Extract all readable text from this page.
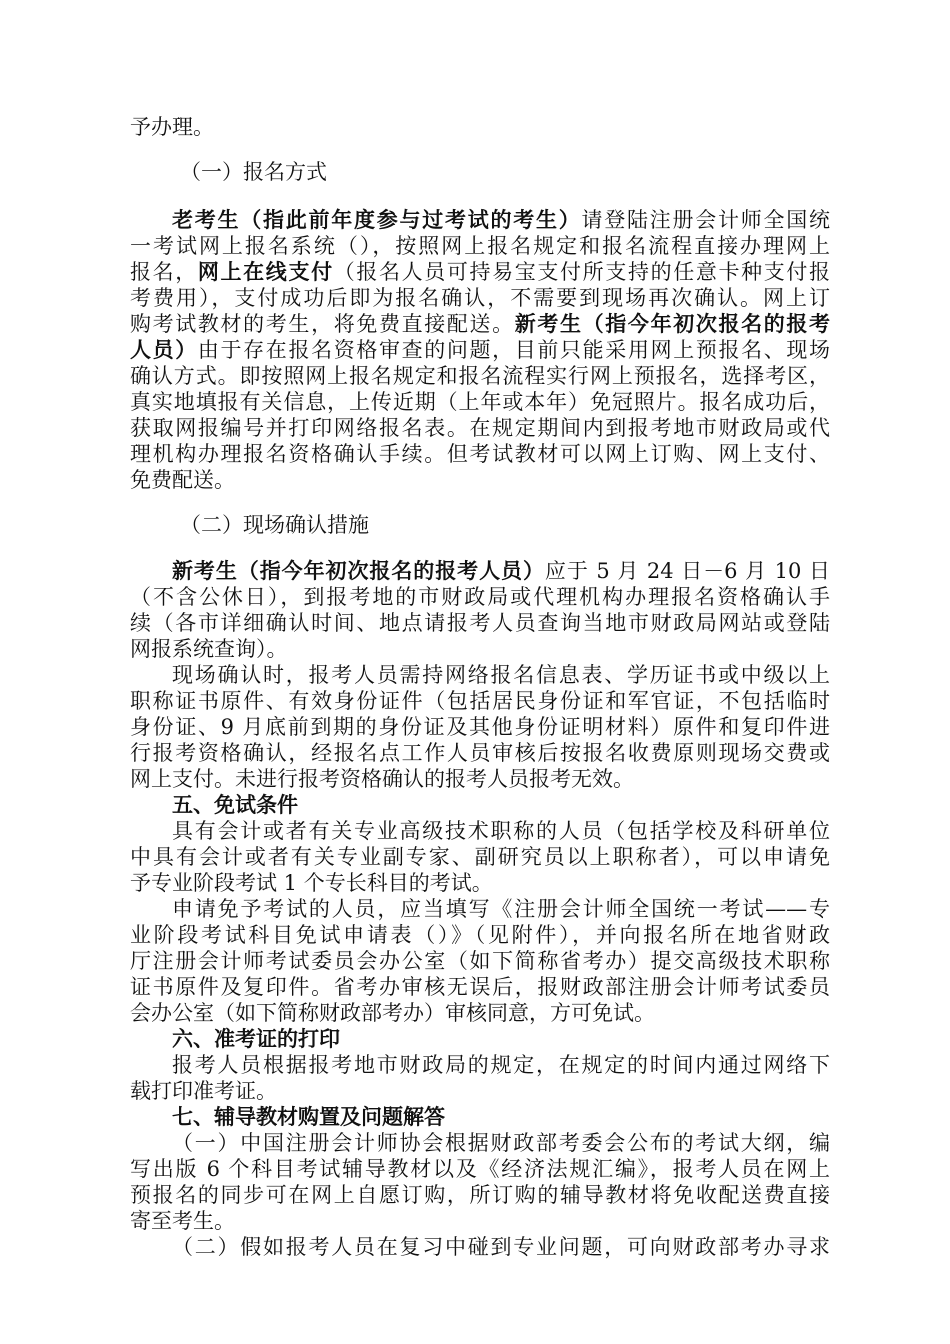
予办理。
（一）报名方式
老考生（指此前年度参与过考试的考生）请登陆注册会计师全国统
一考试网上报名系统（），按照网上报名规定和报名流程直接办理网上
报名，网上在线支付（报名人员可持易宝支付所支持的任意卡种支付报
考费用），支付成功后即为报名确认，不需要到现场再次确认。网上订
购考试教材的考生，将免费直接配送。新考生（指今年初次报名的报考
人员）由于存在报名资格审查的问题，目前只能采用网上预报名、现场
确认方式。即按照网上报名规定和报名流程实行网上预报名，选择考区，
真实地填报有关信息，上传近期（上年或本年）免冠照片。报名成功后，
获取网报编号并打印网络报名表。在规定期间内到报考地市财政局或代
理机构办理报名资格确认手续。但考试教材可以网上订购、网上支付、
免费配送。
（二）现场确认措施
新考生（指今年初次报名的报考人员）应于 5 月 24 日－6 月 10 日
（不含公休日），到报考地的市财政局或代理机构办理报名资格确认手
续（各市详细确认时间、地点请报考人员查询当地市财政局网站或登陆
网报系统查询）。
现场确认时，报考人员需持网络报名信息表、学历证书或中级以上
职称证书原件、有效身份证件（包括居民身份证和军官证，不包括临时
身份证、9 月底前到期的身份证及其他身份证明材料）原件和复印件进
行报考资格确认，经报名点工作人员审核后按报名收费原则现场交费或
网上支付。未进行报考资格确认的报考人员报考无效。
五、免试条件
具有会计或者有关专业高级技术职称的人员（包括学校及科研单位
中具有会计或者有关专业副专家、副研究员以上职称者），可以申请免
予专业阶段考试 1 个专长科目的考试。
申请免予考试的人员，应当填写《注册会计师全国统一考试——专
业阶段考试科目免试申请表（）》（见附件），并向报名所在地省财政
厅注册会计师考试委员会办公室（如下简称省考办）提交高级技术职称
证书原件及复印件。省考办审核无误后，报财政部注册会计师考试委员
会办公室（如下简称财政部考办）审核同意，方可免试。
六、准考证的打印
报考人员根据报考地市财政局的规定，在规定的时间内通过网络下
载打印准考证。
七、辅导教材购置及问题解答
（一）中国注册会计师协会根据财政部考委会公布的考试大纲，编
写出版 6 个科目考试辅导教材以及《经济法规汇编》，报考人员在网上
预报名的同步可在网上自愿订购，所订购的辅导教材将免收配送费直接
寄至考生。
（二）假如报考人员在复习中碰到专业问题，可向财政部考办寻求
